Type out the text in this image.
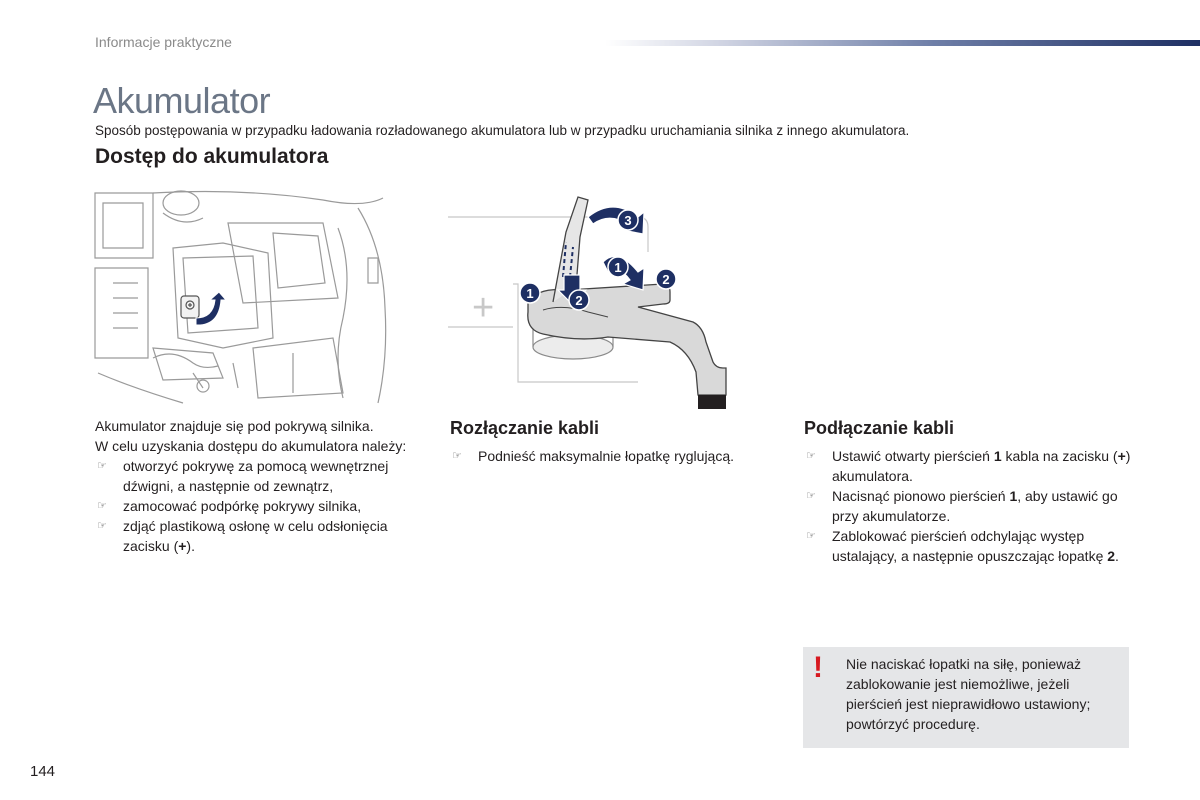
Informacje praktyczne
Akumulator
Sposób postępowania w przypadku ładowania rozładowanego akumulatora lub w przypadku uruchamiania silnika z innego akumulatora.
Dostęp do akumulatora
+ 1	2
3
1
2

Akumulator znajduje się pod pokrywą silnika.

W celu uzyskania dostępu do akumulatora należy:

☞ otworzyć pokrywę za pomocą wewnętrznej dźwigni, a następnie od zewnątrz,
☞ zamocować podpórkę pokrywy silnika,
☞ zdjąć plastikową osłonę w celu odsłonięcia zacisku (+).
Rozłączanie kabli
☞ Podnieść maksymalnie łopatkę ryglującą.
Podłączanie kabli
☞ Ustawić otwarty pierścień 1 kabla na zacisku (+) akumulatora.
☞ Nacisnąć pionowo pierścień 1, aby ustawić go przy akumulatorze.
☞ Zablokować pierścień odchylając występ ustalający, a następnie opuszczając łopatkę 2.
! Nie naciskać łopatki na siłę, ponieważ zablokowanie jest niemożliwe, jeżeli pierścień jest nieprawidłowo ustawiony; powtórzyć procedurę.
144
